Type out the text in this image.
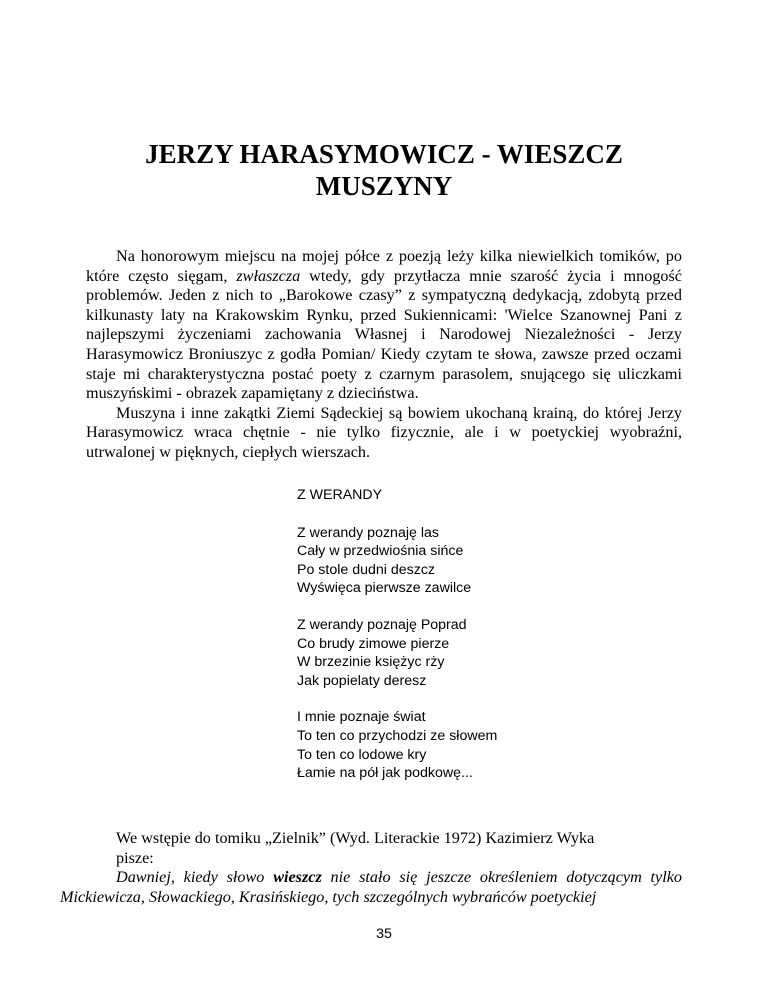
JERZY HARASYMOWICZ - WIESZCZ
MUSZYNY

Na honorowym miejscu na mojej półce z poezją leży kilka niewielkich tomików, po które często sięgam, zwłaszcza wtedy, gdy przytłacza mnie szarość życia i mnogość problemów. Jeden z nich to „Barokowe czasy” z sympatyczną dedykacją, zdobytą przed kilkunasty laty na Krakowskim Rynku, przed Sukiennicami: 'Wielce Szanownej Pani z najlepszymi życzeniami zachowania Własnej i Narodowej Niezależności - Jerzy Harasymowicz Broniuszyc z godła Pomian/ Kiedy czytam te słowa, zawsze przed oczami staje mi charakterystyczna postać poety z czarnym parasolem, snującego się uliczkami muszyńskimi - obrazek zapamiętany z dzieciństwa.

Muszyna i inne zakątki Ziemi Sądeckiej są bowiem ukochaną krainą, do której Jerzy Harasymowicz wraca chętnie - nie tylko fizycznie, ale i w poetyckiej wyobraźni, utrwalonej w pięknych, ciepłych wierszach.

Z WERANDY
Z werandy poznaję las
Cały w przedwiośnia sińce
Po stole dudni deszcz
Wyświęca pierwsze zawilce
Z werandy poznaję Poprad
Co brudy zimowe pierze
W brzezinie księżyc rży
Jak popielaty deresz
I mnie poznaje świat
To ten co przychodzi ze słowem
To ten co lodowe kry
Łamie na pół jak podkowę...

We wstępie do tomiku „Zielnik” (Wyd. Literackie 1972) Kazimierz Wyka pisze:

Dawniej, kiedy słowo wieszcz nie stało się jeszcze określeniem dotyczącym tylko Mickiewicza, Słowackiego, Krasińskiego, tych szczególnych wybrańców poetyckiej

35
